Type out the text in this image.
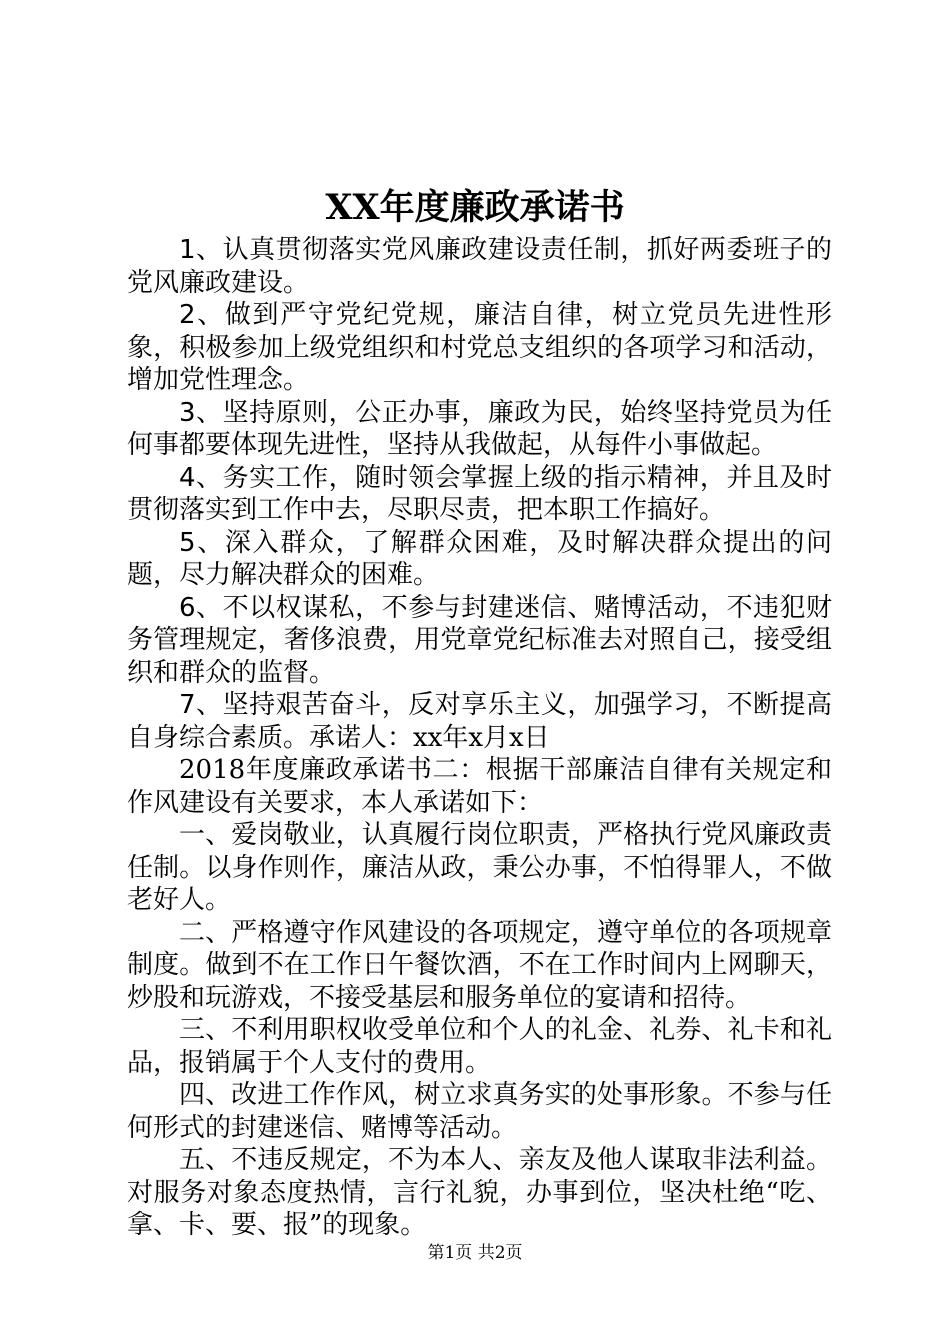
XX年度廉政承诺书

1、认真贯彻落实党风廉政建设责任制，抓好两委班子的党风廉政建设。

2、做到严守党纪党规，廉洁自律，树立党员先进性形象，积极参加上级党组织和村党总支组织的各项学习和活动，增加党性理念。

3、坚持原则，公正办事，廉政为民，始终坚持党员为任何事都要体现先进性，坚持从我做起，从每件小事做起。

4、务实工作，随时领会掌握上级的指示精神，并且及时贯彻落实到工作中去，尽职尽责，把本职工作搞好。

5、深入群众，了解群众困难，及时解决群众提出的问题，尽力解决群众的困难。

6、不以权谋私，不参与封建迷信、赌博活动，不违犯财务管理规定，奢侈浪费，用党章党纪标准去对照自己，接受组织和群众的监督。

7、坚持艰苦奋斗，反对享乐主义，加强学习，不断提高自身综合素质。承诺人：xx年x月x日

2018年度廉政承诺书二：根据干部廉洁自律有关规定和作风建设有关要求，本人承诺如下：

一、爱岗敬业，认真履行岗位职责，严格执行党风廉政责任制。以身作则作，廉洁从政，秉公办事，不怕得罪人，不做老好人。

二、严格遵守作风建设的各项规定，遵守单位的各项规章制度。做到不在工作日午餐饮酒，不在工作时间内上网聊天，炒股和玩游戏，不接受基层和服务单位的宴请和招待。

三、不利用职权收受单位和个人的礼金、礼券、礼卡和礼品，报销属于个人支付的费用。

四、改进工作作风，树立求真务实的处事形象。不参与任何形式的封建迷信、赌博等活动。

五、不违反规定，不为本人、亲友及他人谋取非法利益。对服务对象态度热情，言行礼貌，办事到位，坚决杜绝“吃、拿、卡、要、报”的现象。

第1页 共2页
